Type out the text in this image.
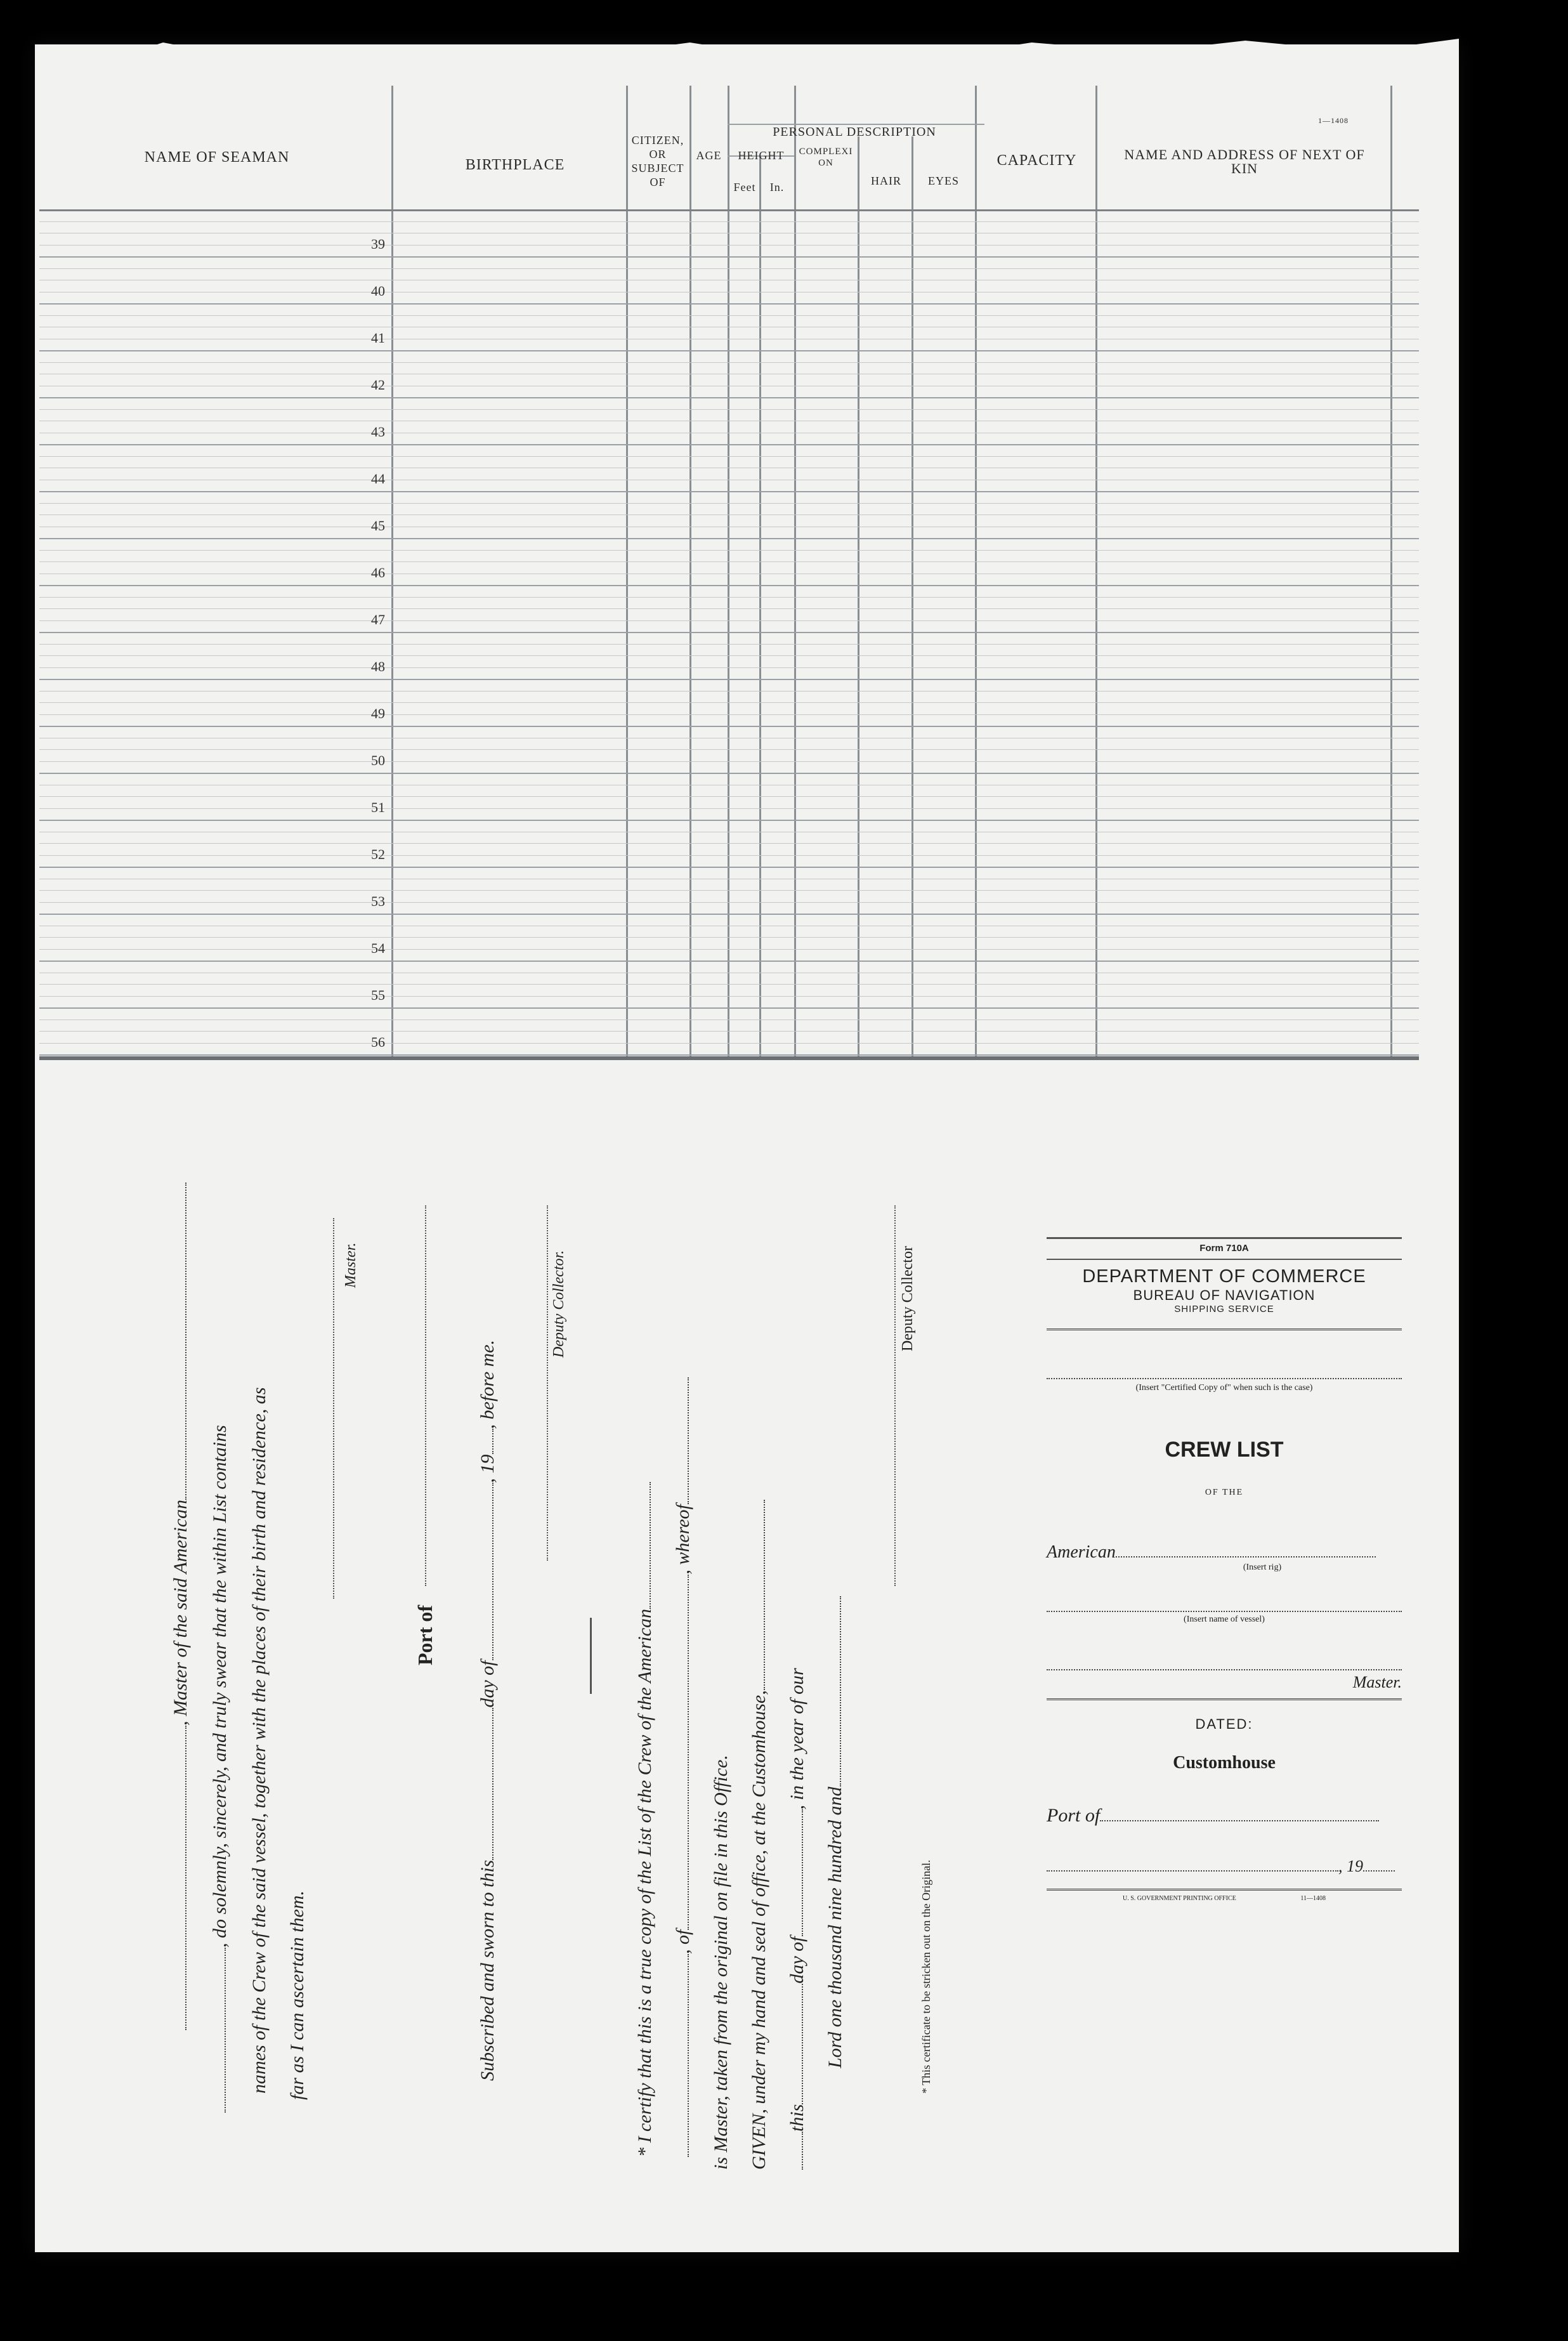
NAME OF SEAMAN	BIRTHPLACE
CITIZEN, OR SUBJECT OF
AGE
PERSONAL DESCRIPTION
HEIGHT
Feet	In.
COMPLEXION
HAIR	EYES
CAPACITY	NAME AND ADDRESS OF NEXT OF KIN
1—1408
39
40
41
42
43
44
45
46
47
48
49
50
51
52
53
54
55
56
, Master of the said American , do solemnly, sincerely, and truly swear that the within List contains names of the Crew of the said vessel, together with the places of their birth and residence, as far as I can ascertain them.
Master.
Port of
Subscribed and sworn to thisday of, 19, before me.
Deputy Collector.
* I certify that this is a true copy of the List of the Crew of the American , of, whereof
is Master, taken from the original on file in this Office. GIVEN, under my hand and seal of office, at the Customhouse, thisday of, in the year of our
Lord one thousand nine hundred and
Deputy Collector
* This certificate to be stricken out on the Original.
Form 710A
DEPARTMENT OF COMMERCE
BUREAU OF NAVIGATION
SHIPPING SERVICE
(Insert "Certified Copy of" when such is the case)
CREW LIST
OF THE
American
(Insert rig)
(Insert name of vessel)
Master.
DATED:
Customhouse
Port of
, 19
U. S. GOVERNMENT PRINTING OFFICE	11—1408
